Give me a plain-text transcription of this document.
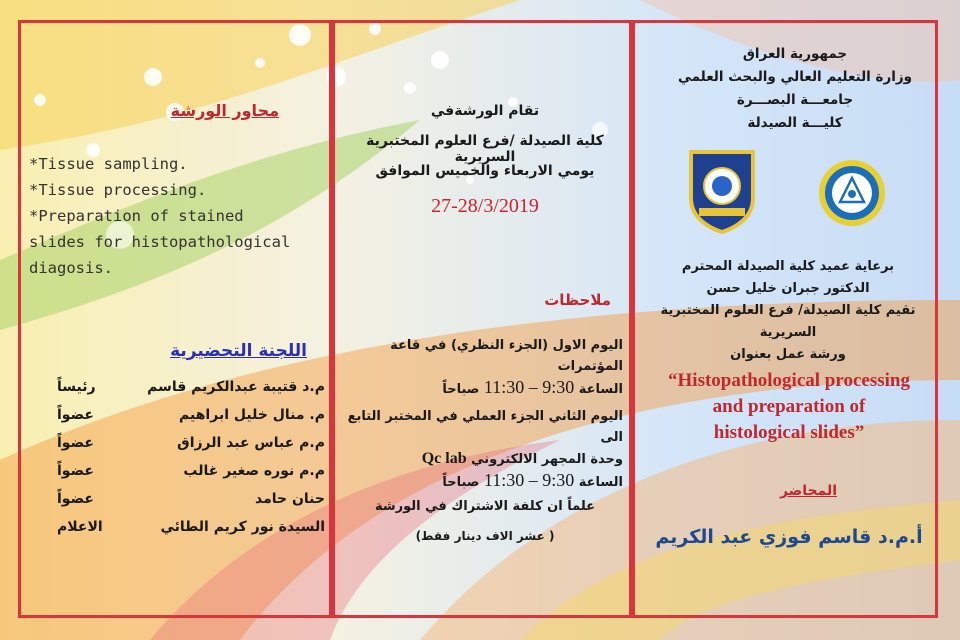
محاور الورشة
*Tissue sampling.
*Tissue processing.
*Preparation of stained
slides for histopathological
diagosis.
اللجنة التحضيرية
م.د قتيبة عبدالكريم قاسم
رئيساً
م. منال خليل ابراهيم
عضواً
م.م عباس عبد الرزاق
عضواً
م.م نوره صغير غالب
عضواً
حنان حامد
عضواً
السيدة نور كريم الطائي
الاعلام
تقام الورشةفي
كلية الصيدلة /فرع العلوم المختبرية السريرية
يومي الاربعاء والخميس الموافق
27-28/3/2019
ملاحظات
اليوم الاول (الجزء النظري) في قاعة المؤتمرات
الساعة 9:30 – 11:30 صباحاً
اليوم الثاني الجزء العملي في المختبر التابع الى
وحدة المجهر الالكتروني Qc lab
الساعة 9:30 – 11:30 صباحاً
علماً ان كلفة الاشتراك في الورشة
( عشر الاف دينار فقط)
جمهورية العراق
وزارة التعليم العالي والبحث العلمي
جامعـــة البصـــرة
كليـــة الصيدلة
برعاية عميد كلية الصيدلة المحترم
الدكتور جبران خليل حسن
تقيم كلية الصيدلة/ فرع العلوم المختبرية السريرية
ورشة عمل بعنوان
“Histopathological processing
and preparation of
histological slides”
المحاضر
أ.م.د قاسم فوزي عبد الكريم
